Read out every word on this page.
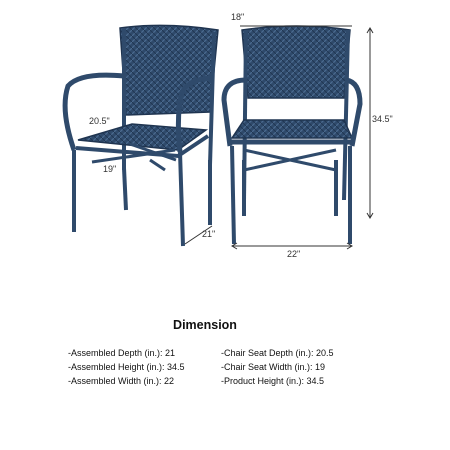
18"
34.5"
20.5"
19"
21"
22"
Dimension
-Assembled Depth (in.): 21
-Assembled Height (in.): 34.5
-Assembled Width (in.): 22
-Chair Seat Depth (in.): 20.5
-Chair Seat Width (in.): 19
-Product Height (in.): 34.5
